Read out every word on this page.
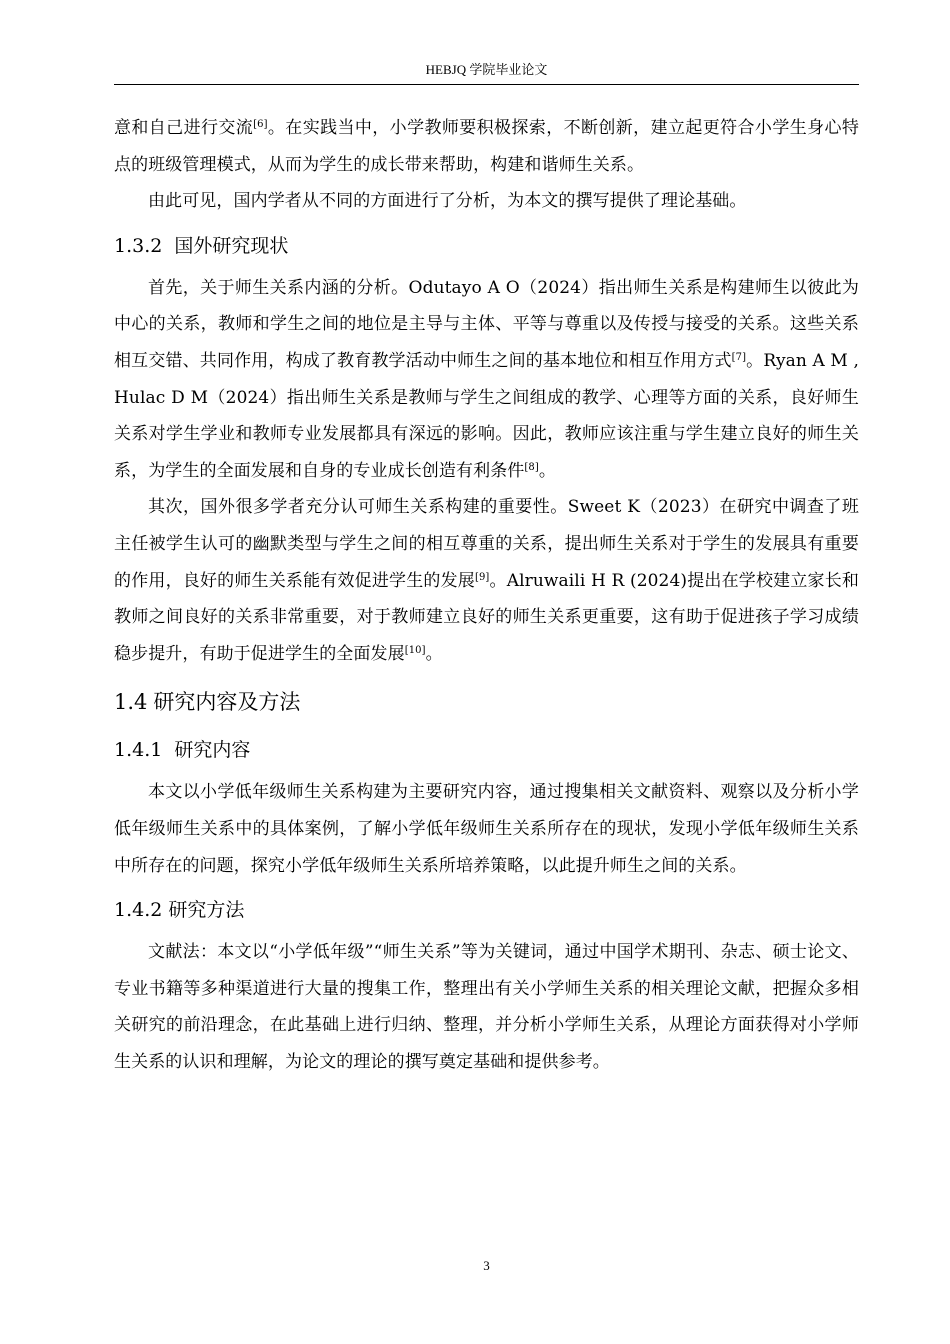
HEBJQ 学院毕业论文

意和自己进行交流[6]。在实践当中，小学教师要积极探索，不断创新，建立起更符合小学生身心特点的班级管理模式，从而为学生的成长带来帮助，构建和谐师生关系。

由此可见，国内学者从不同的方面进行了分析，为本文的撰写提供了理论基础。

1.3.2 国外研究现状

首先，关于师生关系内涵的分析。Odutayo A O（2024）指出师生关系是构建师生以彼此为中心的关系，教师和学生之间的地位是主导与主体、平等与尊重以及传授与接受的关系。这些关系相互交错、共同作用，构成了教育教学活动中师生之间的基本地位和相互作用方式[7]。Ryan A M , Hulac D M（2024）指出师生关系是教师与学生之间组成的教学、心理等方面的关系，良好师生关系对学生学业和教师专业发展都具有深远的影响。因此，教师应该注重与学生建立良好的师生关系，为学生的全面发展和自身的专业成长创造有利条件[8]。

其次，国外很多学者充分认可师生关系构建的重要性。Sweet K（2023）在研究中调查了班主任被学生认可的幽默类型与学生之间的相互尊重的关系，提出师生关系对于学生的发展具有重要的作用，良好的师生关系能有效促进学生的发展[9]。Alruwaili H R (2024)提出在学校建立家长和教师之间良好的关系非常重要，对于教师建立良好的师生关系更重要，这有助于促进孩子学习成绩稳步提升，有助于促进学生的全面发展[10]。

1.4 研究内容及方法
1.4.1 研究内容

本文以小学低年级师生关系构建为主要研究内容，通过搜集相关文献资料、观察以及分析小学低年级师生关系中的具体案例，了解小学低年级师生关系所存在的现状，发现小学低年级师生关系中所存在的问题，探究小学低年级师生关系所培养策略，以此提升师生之间的关系。

1.4.2 研究方法

文献法：本文以“小学低年级”“师生关系”等为关键词，通过中国学术期刊、杂志、硕士论文、专业书籍等多种渠道进行大量的搜集工作，整理出有关小学师生关系的相关理论文献，把握众多相关研究的前沿理念，在此基础上进行归纳、整理，并分析小学师生关系，从理论方面获得对小学师生关系的认识和理解，为论文的理论的撰写奠定基础和提供参考。

3
